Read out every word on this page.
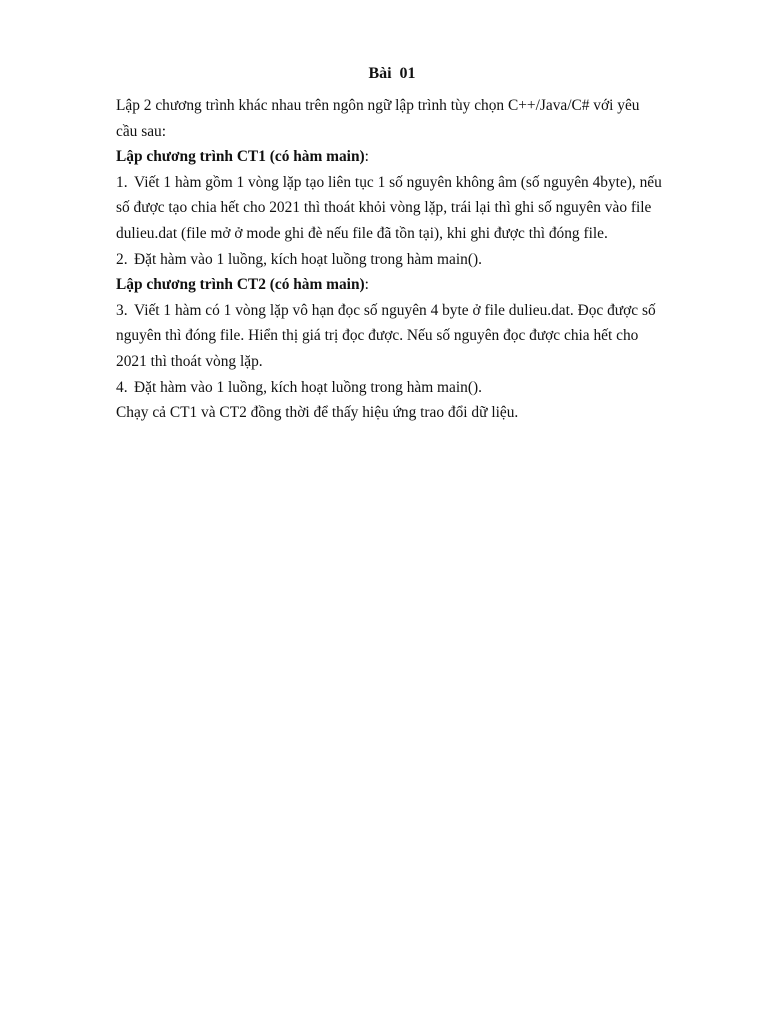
Bài  01

Lập 2 chương trình khác nhau trên ngôn ngữ lập trình tùy chọn C++/Java/C# với yêu cầu sau:

Lập chương trình CT1 (có hàm main):

1. Viết 1 hàm gồm 1 vòng lặp tạo liên tục 1 số nguyên không âm (số nguyên 4byte), nếu số được tạo chia hết cho 2021 thì thoát khỏi vòng lặp, trái lại thì ghi số nguyên vào file dulieu.dat (file mở ở mode ghi đè nếu file đã tồn tại), khi ghi được thì đóng file.

2. Đặt hàm vào 1 luồng, kích hoạt luồng trong hàm main().

Lập chương trình CT2 (có hàm main):

3. Viết 1 hàm có 1 vòng lặp vô hạn đọc số nguyên 4 byte ở file dulieu.dat. Đọc được số nguyên thì đóng file. Hiển thị giá trị đọc được. Nếu số nguyên đọc được chia hết cho 2021 thì thoát vòng lặp.

4. Đặt hàm vào 1 luồng, kích hoạt luồng trong hàm main().

Chạy cả CT1 và CT2 đồng thời để thấy hiệu ứng trao đổi dữ liệu.
